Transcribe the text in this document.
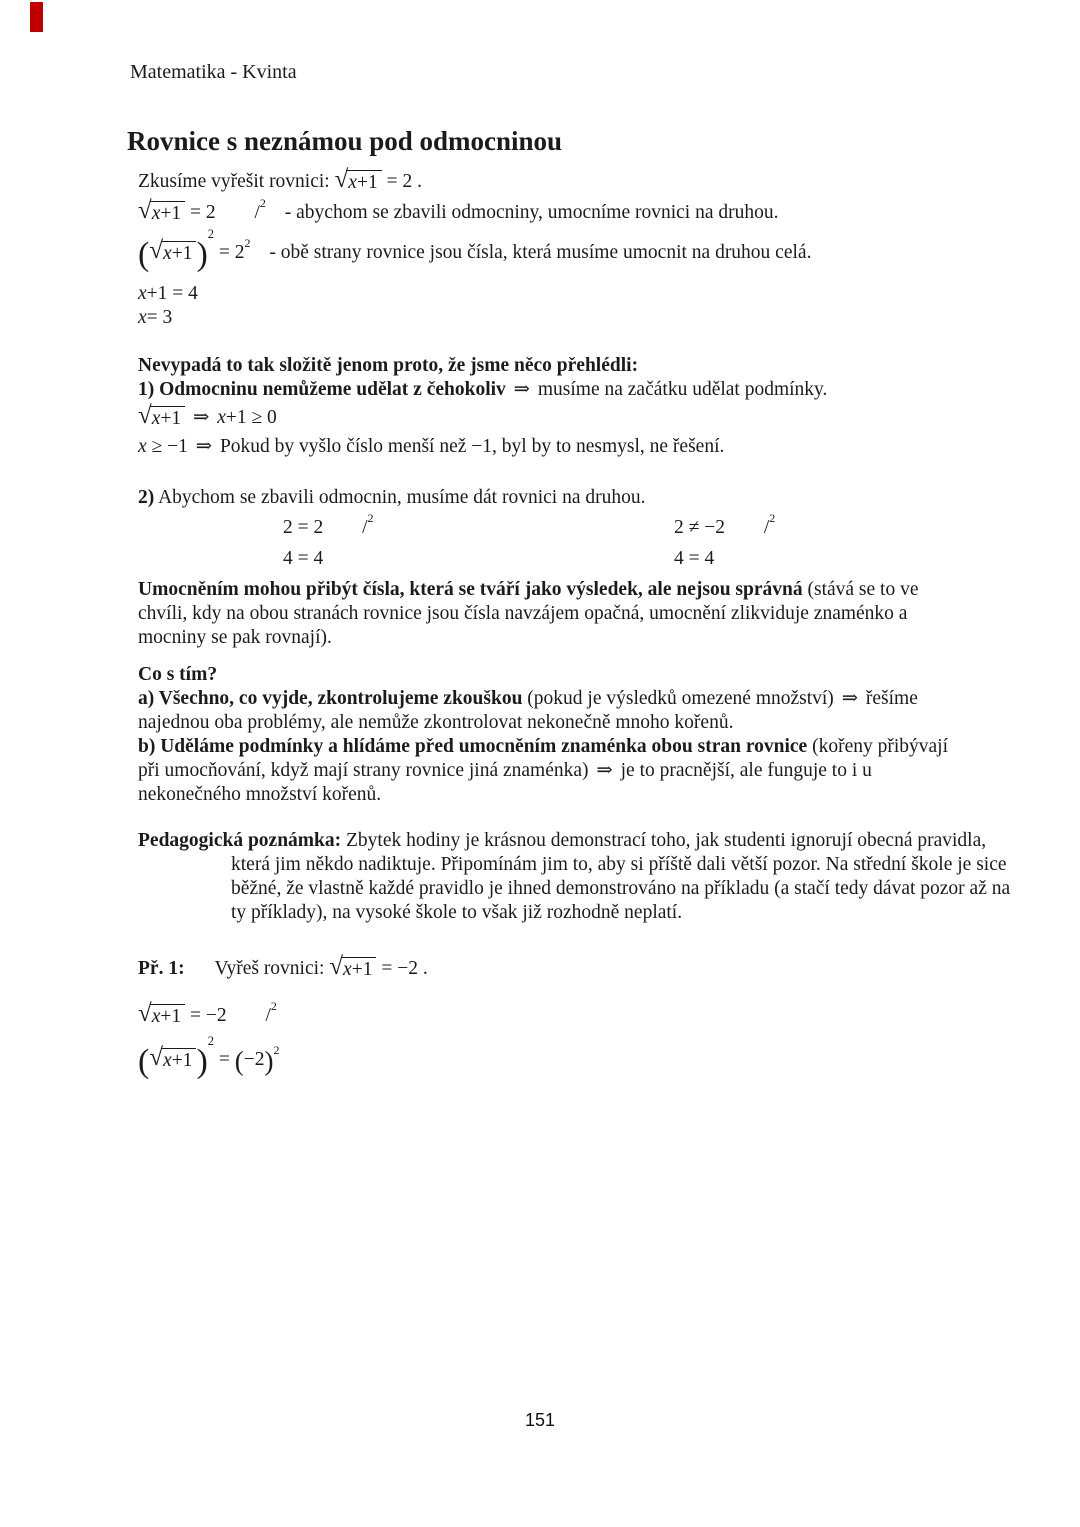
Matematika - Kvinta
Rovnice s neznámou pod odmocninou
Zkusíme vyřešit rovnici: √ x+1 = 2 .
√ x+1 = 2 /$^2$ - abychom se zbavili odmocniny, umocníme rovnici na druhou.
( √ x+1 )$^2 = 2^2$ - obě strany rovnice jsou čísla, která musíme umocnit na druhou celá.
x+1 = 4
x= 3
Nevypadá to tak složitě jenom proto, že jsme něco přehlédli:
1) Odmocninu nemůžeme udělat z čehokoliv ⇒ musíme na začátku udělat podmínky.
√ x+1 ⇒ x+1 ≥ 0
x ≥ −1 ⇒ Pokud by vyšlo číslo menší než −1, byl by to nesmysl, ne řešení.
2) Abychom se zbavili odmocnin, musíme dát rovnici na druhou.
2 = 2 /$^2$
4 = 4
2 ≠ −2 /$^2$
4 = 4
Umocněním mohou přibýt čísla, která se tváří jako výsledek, ale nejsou správná (stává se to ve chvíli, kdy na obou stranách rovnice jsou čísla navzájem opačná, umocnění zlikviduje znaménko a mocniny se pak rovnají).
Co s tím?
a) Všechno, co vyjde, zkontrolujeme zkouškou (pokud je výsledků omezené množství) ⇒ řešíme najednou oba problémy, ale nemůže zkontrolovat nekonečně mnoho kořenů.
b) Uděláme podmínky a hlídáme před umocněním znaménka obou stran rovnice (kořeny přibývají při umocňování, když mají strany rovnice jiná znaménka) ⇒ je to pracnější, ale funguje to i u nekonečného množství kořenů.
Pedagogická poznámka: Zbytek hodiny je krásnou demonstrací toho, jak studenti ignorují obecná pravidla, která jim někdo nadiktuje. Připomínám jim to, aby si příště dali větší pozor. Na střední škole je sice běžné, že vlastně každé pravidlo je ihned demonstrováno na příkladu (a stačí tedy dávat pozor až na ty příklady), na vysoké škole to však již rozhodně neplatí.
Př. 1: Vyřeš rovnici: √ x+1 = −2 .
√ x+1 = −2 /$^2$
( √ x+1 )$^2 = (-2)^2$
151
